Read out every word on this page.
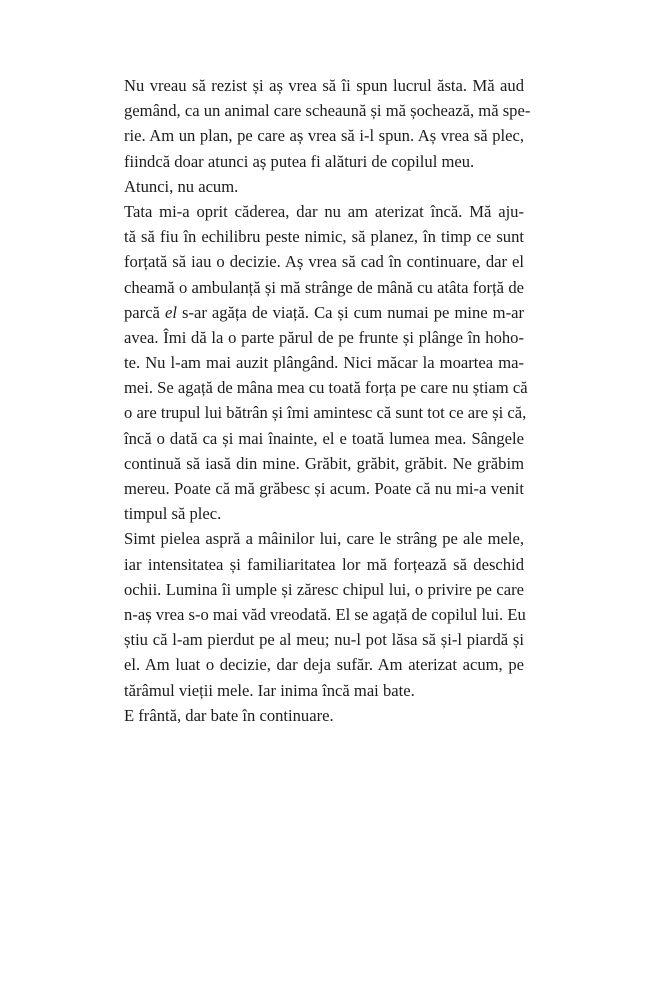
Nu vreau să rezist și aș vrea să îi spun lucrul ăsta. Mă aud
gemând, ca un animal care scheaună și mă șochează, mă spe-
rie. Am un plan, pe care aș vrea să i-l spun. Aș vrea să plec,
fiindcă doar atunci aș putea fi alături de copilul meu.
Atunci, nu acum.
Tata mi-a oprit căderea, dar nu am aterizat încă. Mă aju-
tă să fiu în echilibru peste nimic, să planez, în timp ce sunt
forțată să iau o decizie. Aș vrea să cad în continuare, dar el
cheamă o ambulanță și mă strânge de mână cu atâta forță de
parcă el s-ar agăța de viață. Ca și cum numai pe mine m-ar
avea. Îmi dă la o parte părul de pe frunte și plânge în hoho-
te. Nu l-am mai auzit plângând. Nici măcar la moartea ma-
mei. Se agață de mâna mea cu toată forța pe care nu știam că
o are trupul lui bătrân și îmi amintesc că sunt tot ce are și că,
încă o dată ca și mai înainte, el e toată lumea mea. Sângele
continuă să iasă din mine. Grăbit, grăbit, grăbit. Ne grăbim
mereu. Poate că mă grăbesc și acum. Poate că nu mi-a venit
timpul să plec.
Simt pielea aspră a mâinilor lui, care le strâng pe ale mele,
iar intensitatea și familiaritatea lor mă forțează să deschid
ochii. Lumina îi umple și zăresc chipul lui, o privire pe care
n-aș vrea s-o mai văd vreodată. El se agață de copilul lui. Eu
știu că l-am pierdut pe al meu; nu-l pot lăsa să și-l piardă și
el. Am luat o decizie, dar deja sufăr. Am aterizat acum, pe
tărâmul vieții mele. Iar inima încă mai bate.
E frântă, dar bate în continuare.
